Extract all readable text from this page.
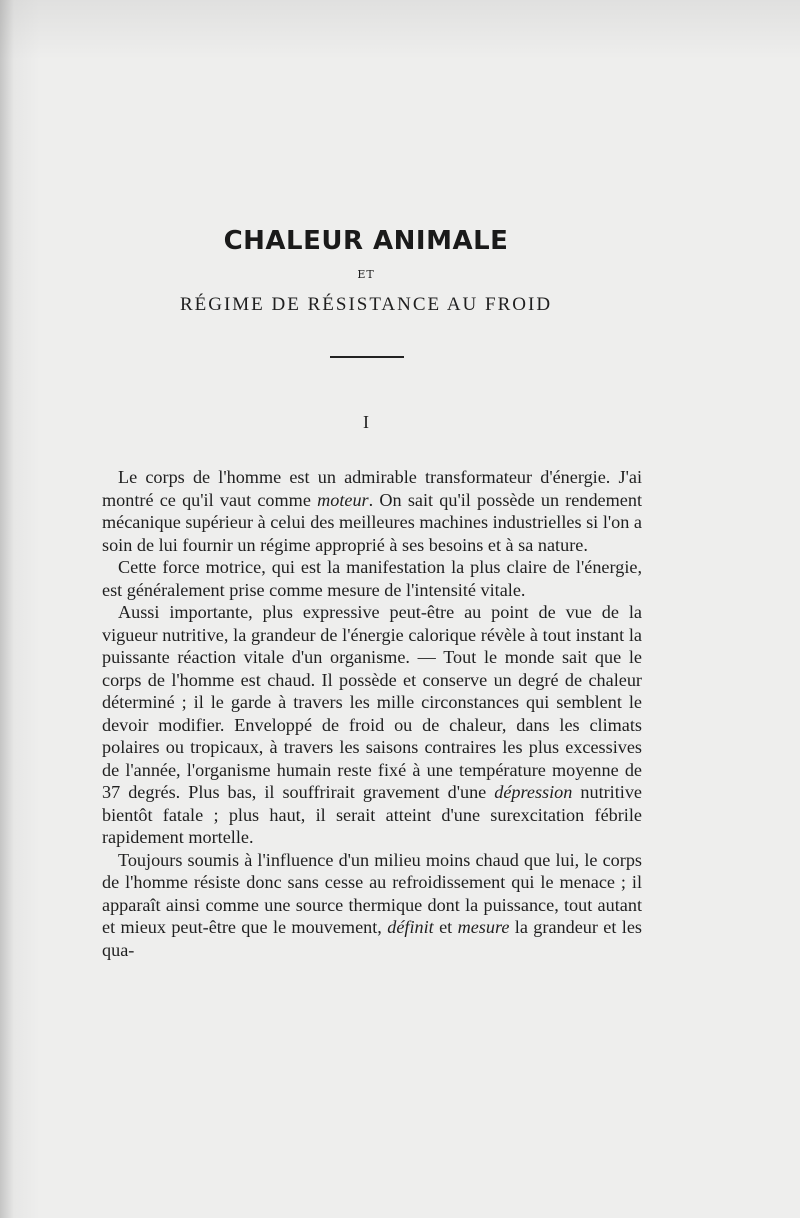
CHALEUR ANIMALE
ET
RÉGIME DE RÉSISTANCE AU FROID
I

Le corps de l'homme est un admirable transformateur d'énergie. J'ai montré ce qu'il vaut comme moteur. On sait qu'il possède un rendement mécanique supérieur à celui des meilleures machines industrielles si l'on a soin de lui fournir un régime approprié à ses besoins et à sa nature.

Cette force motrice, qui est la manifestation la plus claire de l'énergie, est généralement prise comme mesure de l'intensité vitale.

Aussi importante, plus expressive peut-être au point de vue de la vigueur nutritive, la grandeur de l'énergie calorique révèle à tout instant la puissante réaction vitale d'un organisme. — Tout le monde sait que le corps de l'homme est chaud. Il possède et conserve un degré de chaleur déterminé ; il le garde à travers les mille circonstances qui semblent le devoir modifier. Enveloppé de froid ou de chaleur, dans les climats polaires ou tropicaux, à travers les saisons contraires les plus excessives de l'année, l'organisme humain reste fixé à une température moyenne de 37 degrés. Plus bas, il souffrirait gravement d'une dépression nutritive bientôt fatale ; plus haut, il serait atteint d'une surexcitation fébrile rapidement mortelle.

Toujours soumis à l'influence d'un milieu moins chaud que lui, le corps de l'homme résiste donc sans cesse au refroidissement qui le menace ; il apparaît ainsi comme une source thermique dont la puissance, tout autant et mieux peut-être que le mouvement, définit et mesure la grandeur et les qua-
